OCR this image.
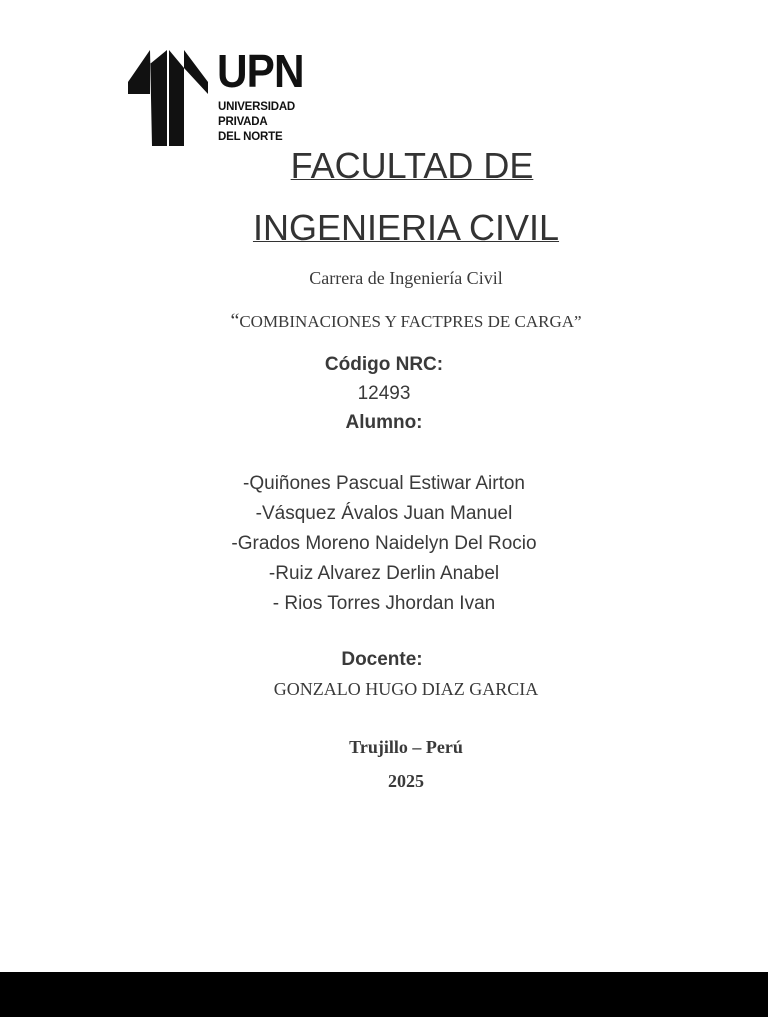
UPN
UNIVERSIDAD
PRIVADA
DEL NORTE
FACULTAD DE
INGENIERIA CIVIL
Carrera de Ingeniería Civil
“COMBINACIONES Y FACTPRES DE CARGA”
Código NRC:
12493
Alumno:
-Quiñones Pascual Estiwar Airton
-Vásquez Ávalos Juan Manuel
-Grados Moreno Naidelyn Del Rocio
-Ruiz Alvarez Derlin Anabel
- Rios Torres Jhordan Ivan
Docente:
GONZALO HUGO DIAZ GARCIA
Trujillo – Perú
2025
